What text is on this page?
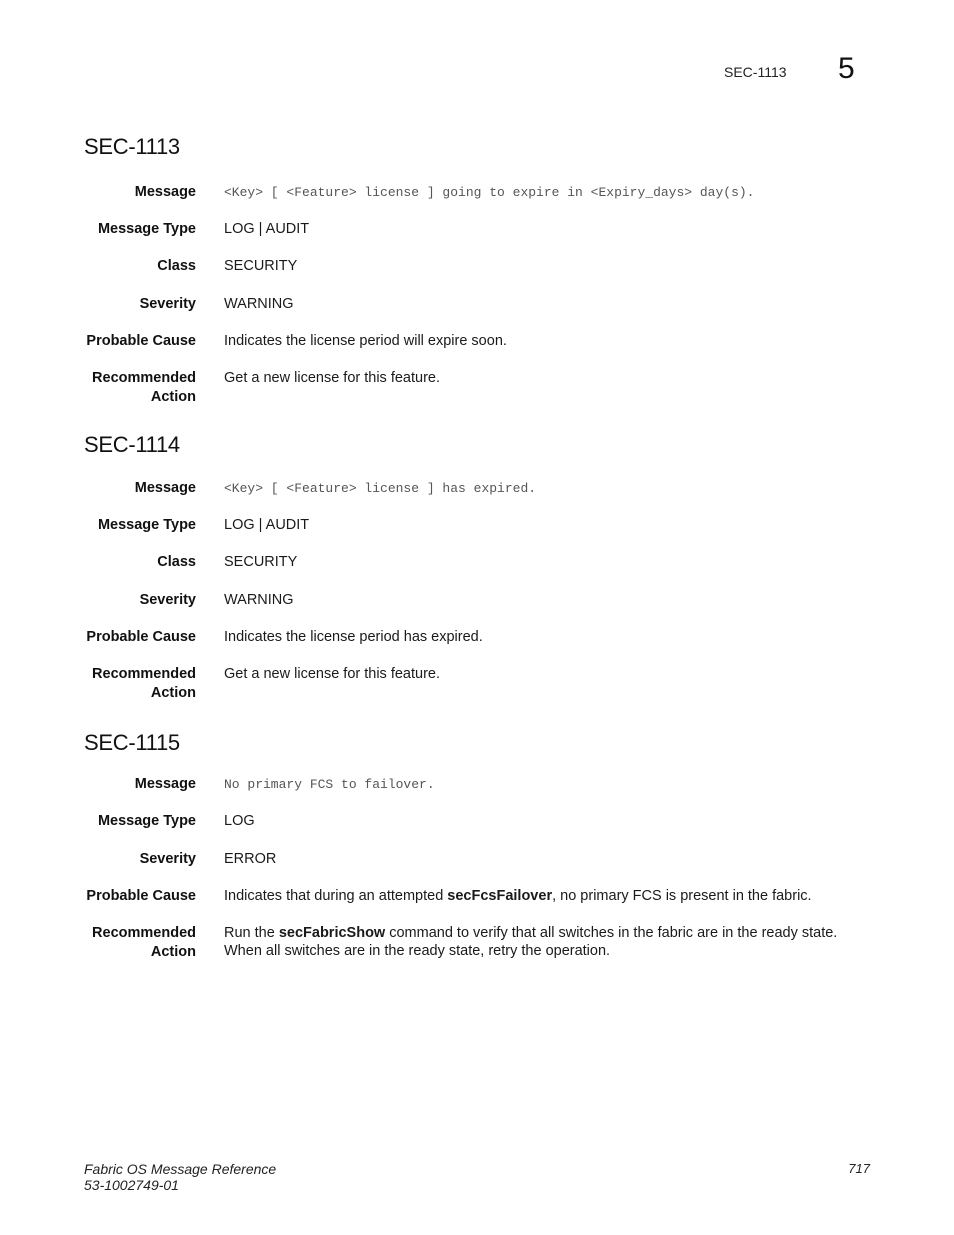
SEC-1113 5
SEC-1113
Message <Key> [ <Feature> license ] going to expire in <Expiry_days> day(s).
Message Type LOG | AUDIT
Class SECURITY
Severity WARNING
Probable Cause Indicates the license period will expire soon.
Recommended
Action
Get a new license for this feature.
SEC-1114
Message <Key> [ <Feature> license ] has expired.
Message Type LOG | AUDIT
Class SECURITY
Severity WARNING
Probable Cause Indicates the license period has expired.
Recommended
Action
Get a new license for this feature.
SEC-1115
Message No primary FCS to failover.
Message Type LOG
Severity ERROR
Probable Cause Indicates that during an attempted secFcsFailover, no primary FCS is present in the fabric.
Recommended
Action
Run the secFabricShow command to verify that all switches in the fabric are in the ready state. When all switches are in the ready state, retry the operation.
Fabric OS Message Reference
53-1002749-01
717
